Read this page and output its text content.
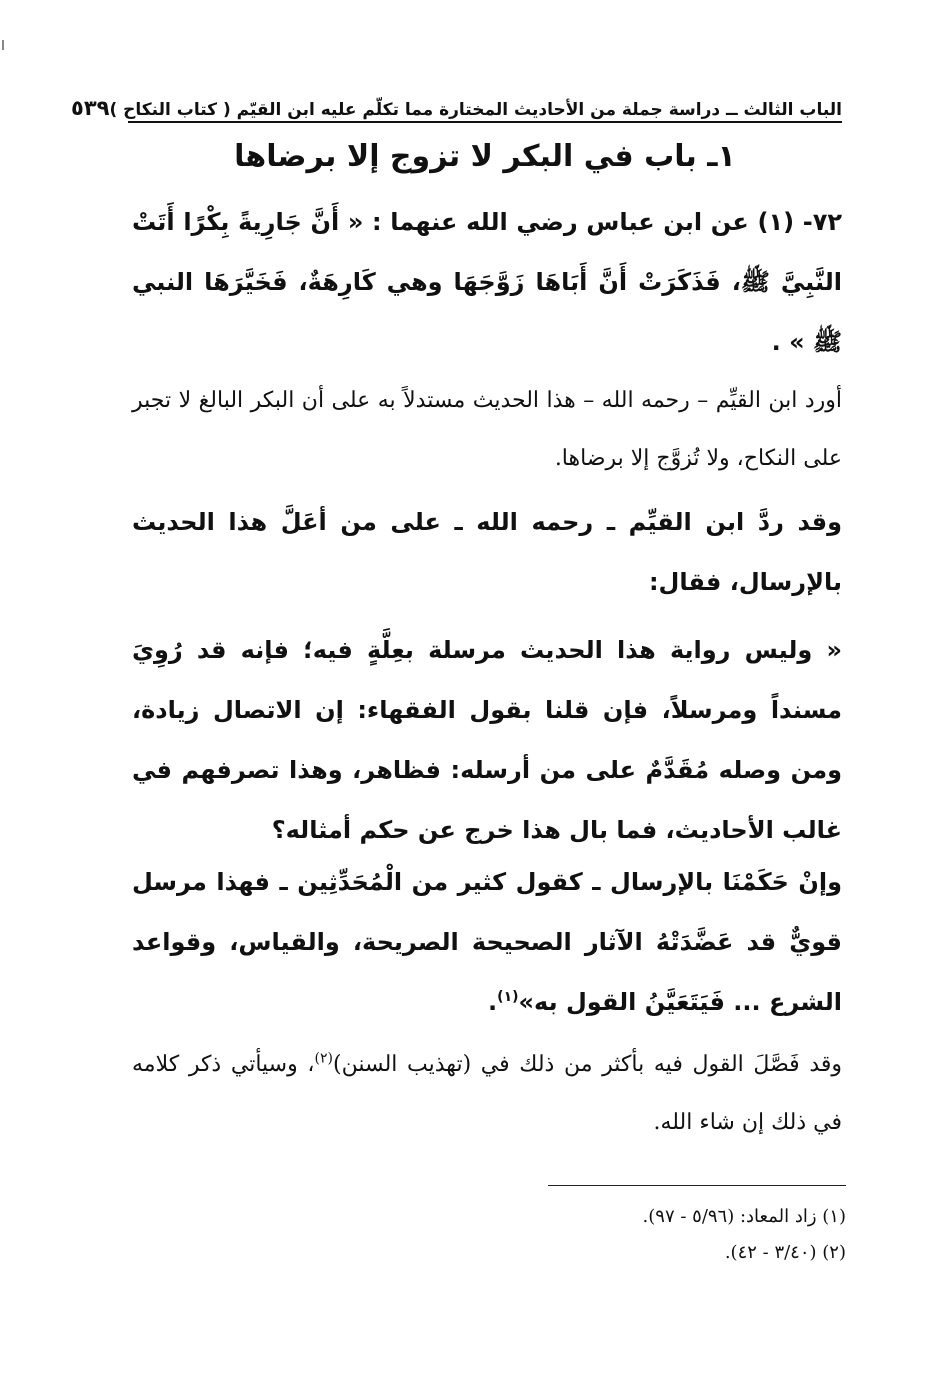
الباب الثالث ــ دراسة جملة من الأحاديث المختارة مما تكلّم عليه ابن القيّم ( كتاب النكاح )
٥٣٩
١ـ باب في البكر لا تزوج إلا برضاها
٧٢- (١) عن ابن عباس رضي الله عنهما : « أَنَّ جَارِيةً بِكْرًا أَتَتْ النَّبِيَّ ﷺ، فَذَكَرَتْ أَنَّ أَبَاهَا زَوَّجَهَا وهي كَارِهَةٌ، فَخَيَّرَهَا النبي ﷺ » .
أورد ابن القيِّم – رحمه الله – هذا الحديث مستدلاً به على أن البكر البالغ لا تجبر على النكاح، ولا تُزوَّج إلا برضاها.
وقد ردَّ ابن القيِّم ـ رحمه الله ـ على من أعَلَّ هذا الحديث بالإرسال، فقال:
« وليس رواية هذا الحديث مرسلة بعِلَّةٍ فيه؛ فإنه قد رُوِيَ مسنداً ومرسلاً، فإن قلنا بقول الفقهاء: إن الاتصال زيادة، ومن وصله مُقَدَّمٌ على من أرسله: فظاهر، وهذا تصرفهم في غالب الأحاديث، فما بال هذا خرج عن حكم أمثاله؟
وإنْ حَكَمْنَا بالإرسال ـ كقول كثير من الْمُحَدِّثِين ـ فهذا مرسل قويٌّ قد عَضَّدَتْهُ الآثار الصحيحة الصريحة، والقياس، وقواعد الشرع ... فَيَتَعَيَّنُ القول به»$^{(١)}$.
وقد فَصَّلَ القول فيه بأكثر من ذلك في (تهذيب السنن)$^{(٢)}$، وسيأتي ذكر كلامه في ذلك إن شاء الله.
(١) زاد المعاد: (٥/٩٦ - ٩٧).
(٢) (٣/٤٠ - ٤٢).
